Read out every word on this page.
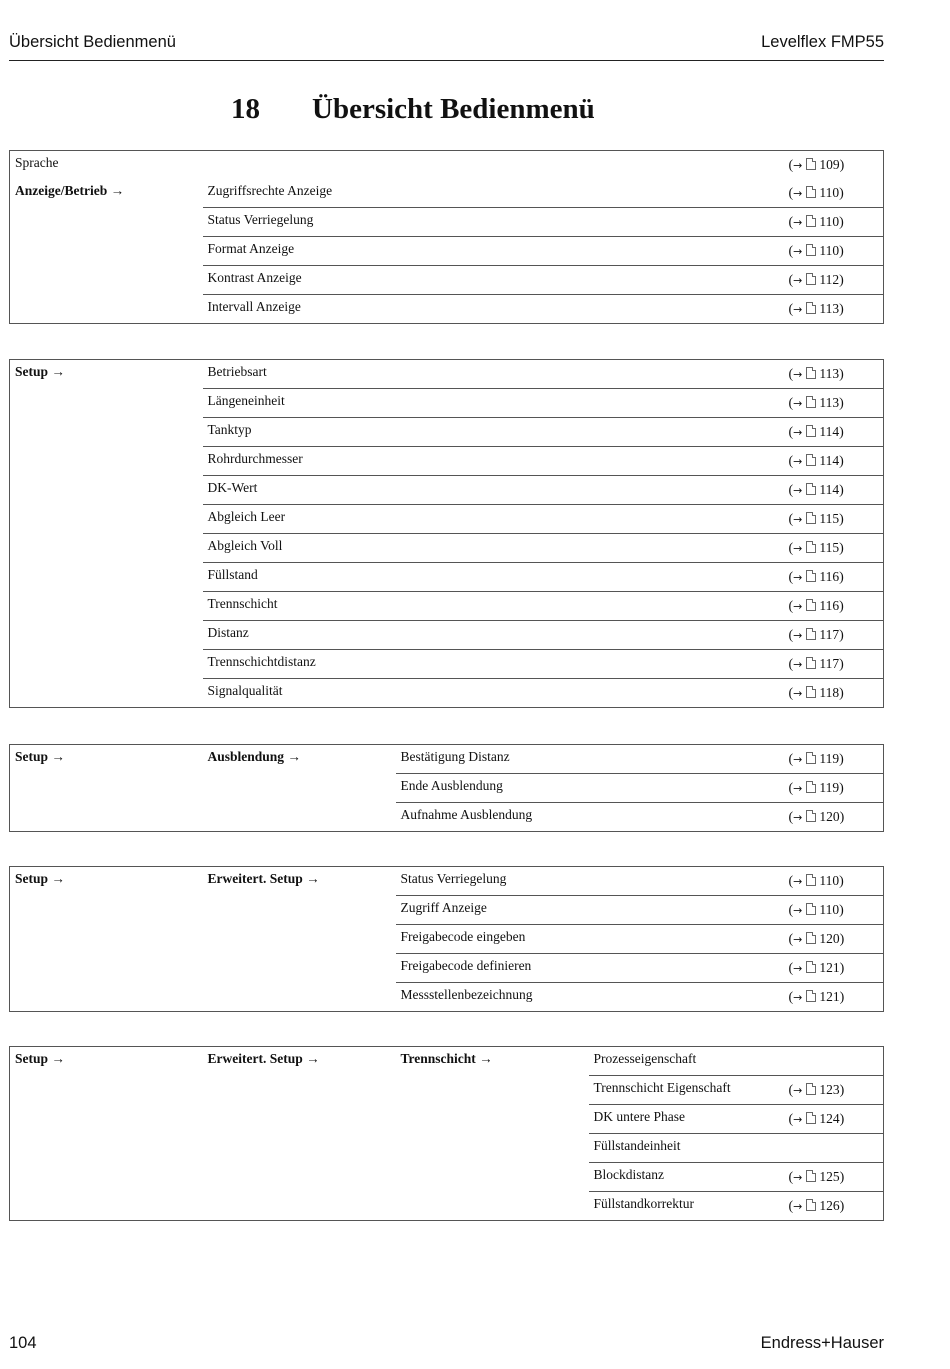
Übersicht Bedienmenü	Levelflex FMP55
18 Übersicht Bedienmenü
Sprache		(→ 109)
Anzeige/Betrieb →	Zugriffsrechte Anzeige	(→ 110)
	Status Verriegelung	(→ 110)
	Format Anzeige	(→ 110)
	Kontrast Anzeige	(→ 112)
	Intervall Anzeige	(→ 113)
Setup →	Betriebsart	(→ 113)
	Längeneinheit	(→ 113)
	Tanktyp	(→ 114)
	Rohrdurchmesser	(→ 114)
	DK-Wert	(→ 114)
	Abgleich Leer	(→ 115)
	Abgleich Voll	(→ 115)
	Füllstand	(→ 116)
	Trennschicht	(→ 116)
	Distanz	(→ 117)
	Trennschichtdistanz	(→ 117)
	Signalqualität	(→ 118)
Setup →	Ausblendung →	Bestätigung Distanz	(→ 119)
		Ende Ausblendung	(→ 119)
		Aufnahme Ausblendung	(→ 120)
Setup →	Erweitert. Setup →	Status Verriegelung	(→ 110)
		Zugriff Anzeige	(→ 110)
		Freigabecode eingeben	(→ 120)
		Freigabecode definieren	(→ 121)
		Messstellenbezeichnung	(→ 121)
Setup →	Erweitert. Setup →	Trennschicht →	Prozesseigenschaft	
			Trennschicht Eigenschaft	(→ 123)
			DK untere Phase	(→ 124)
			Füllstandeinheit	
			Blockdistanz	(→ 125)
			Füllstandkorrektur	(→ 126)
104	Endress+Hauser
